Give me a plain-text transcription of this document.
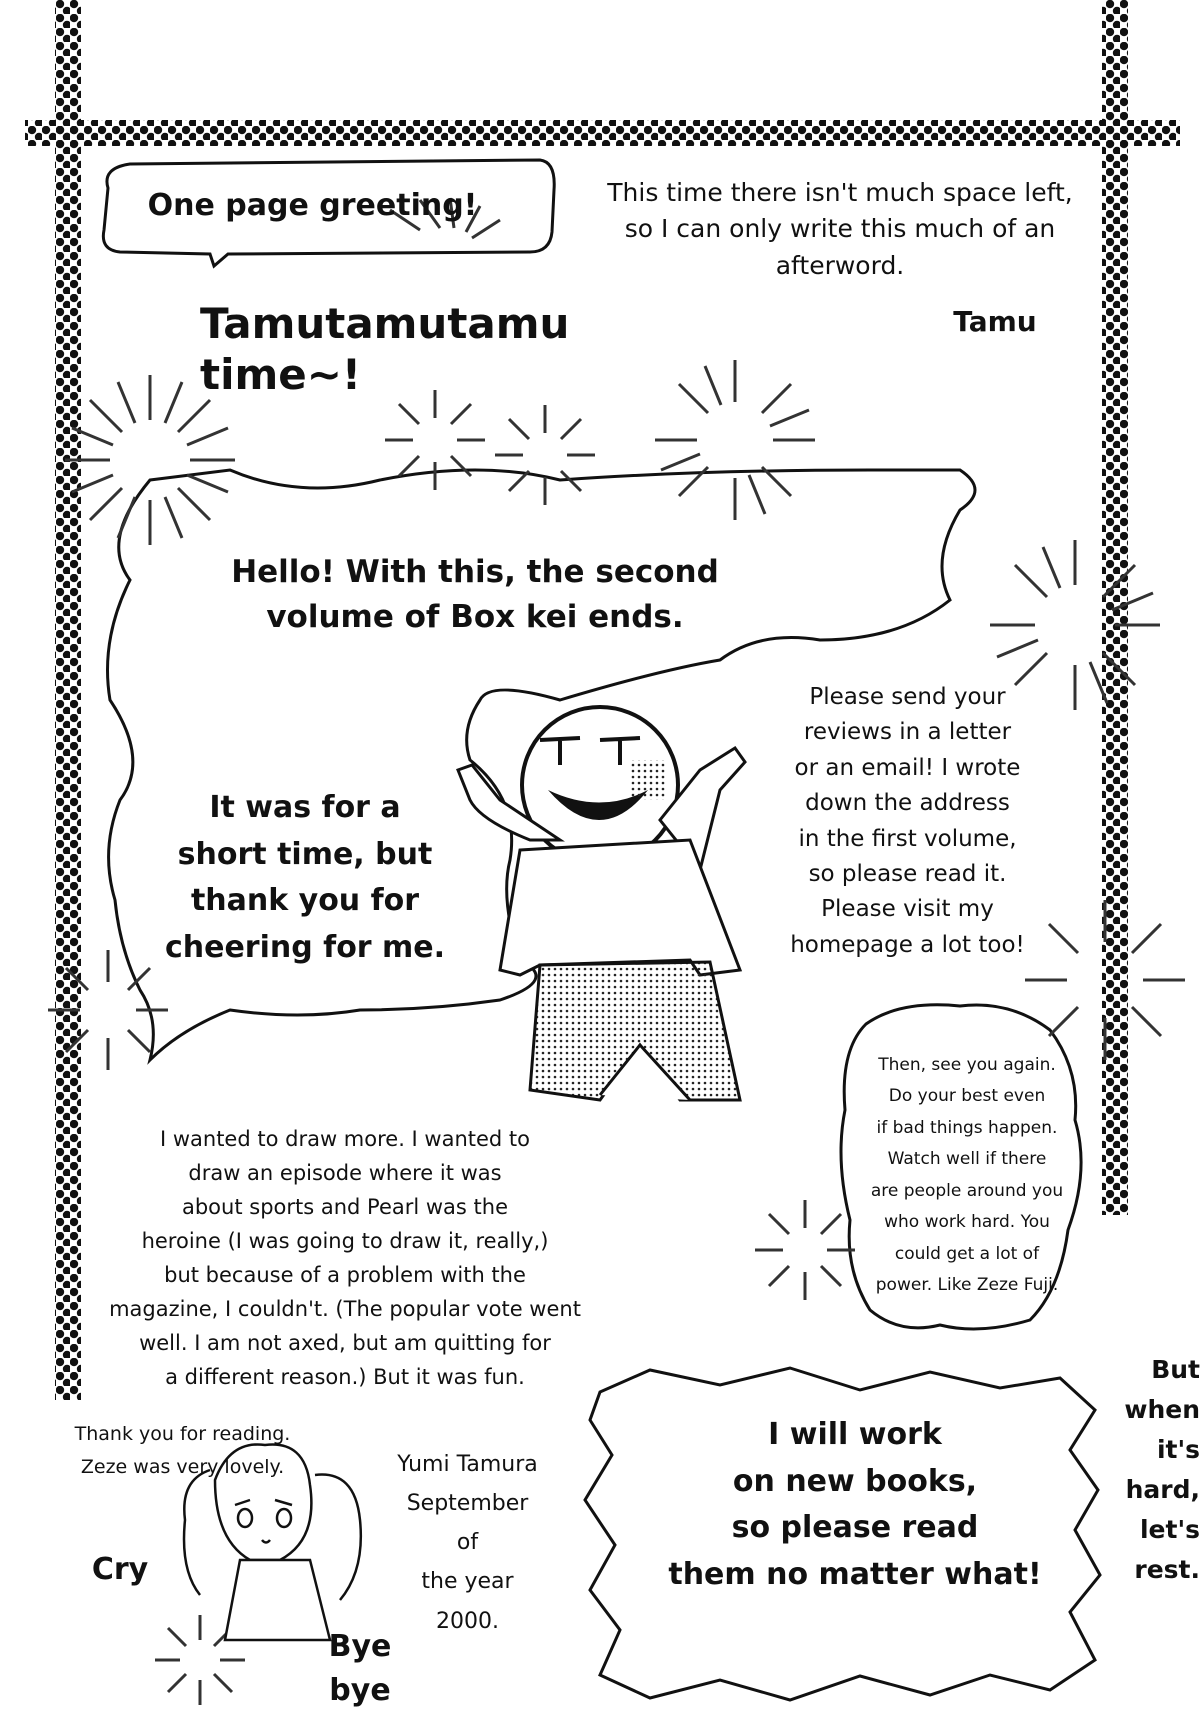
One page greeting!	This time there isn't much space left,
so I can only write this much of an afterword.
Tamutamutamu time~!
Tamu
Hello! With this, the second
volume of Box kei ends.
It was for a
short time, but
thank you for
cheering for me.
Please send your
reviews in a letter
or an email! I wrote
down the address
in the first volume,
so please read it.
Please visit my
homepage a lot too!
I wanted to draw more. I wanted to
draw an episode where it was
about sports and Pearl was the
heroine (I was going to draw it, really,)
but because of a problem with the
magazine, I couldn't. (The popular vote went
well. I am not axed, but am quitting for
a different reason.) But it was fun.
Then, see you again.
Do your best even
if bad things happen.
Watch well if there
are people around you
who work hard. You
could get a lot of
power. Like Zeze Fuji.
I will work
on new books,
so please read
them no matter what!
But
when
it's
hard,
let's
rest.
Thank you for reading.
Zeze was very lovely.
Cry
Bye
bye
Yumi Tamura
September
of
the year
2000.
